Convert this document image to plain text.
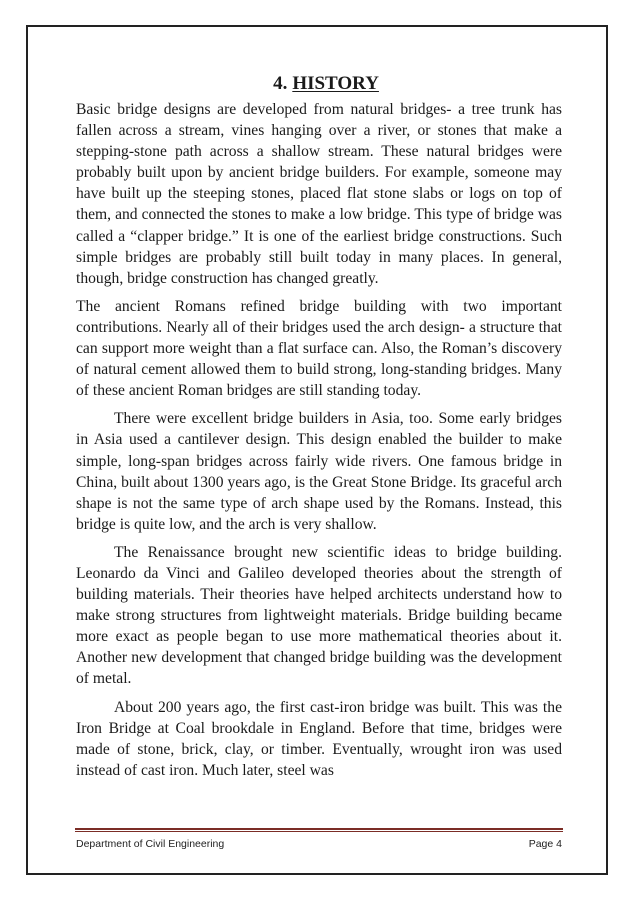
4. HISTORY

Basic bridge designs are developed from natural bridges- a tree trunk has fallen across a stream, vines hanging over a river, or stones that make a stepping-stone path across a shallow stream. These natural bridges were probably built upon by ancient bridge builders. For example, someone may have built up the steeping stones, placed flat stone slabs or logs on top of them, and connected the stones to make a low bridge. This type of bridge was called a “clapper bridge.” It is one of the earliest bridge constructions. Such simple bridges are probably still built today in many places. In general, though, bridge construction has changed greatly.

The ancient Romans refined bridge building with two important contributions. Nearly all of their bridges used the arch design- a structure that can support more weight than a flat surface can. Also, the Roman’s discovery of natural cement allowed them to build strong, long-standing bridges. Many of these ancient Roman bridges are still standing today.

There were excellent bridge builders in Asia, too. Some early bridges in Asia used a cantilever design. This design enabled the builder to make simple, long-span bridges across fairly wide rivers. One famous bridge in China, built about 1300 years ago, is the Great Stone Bridge. Its graceful arch shape is not the same type of arch shape used by the Romans. Instead, this bridge is quite low, and the arch is very shallow.

The Renaissance brought new scientific ideas to bridge building. Leonardo da Vinci and Galileo developed theories about the strength of building materials. Their theories have helped architects understand how to make strong structures from lightweight materials. Bridge building became more exact as people began to use more mathematical theories about it. Another new development that changed bridge building was the development of metal.

About 200 years ago, the first cast-iron bridge was built. This was the Iron Bridge at Coal brookdale in England. Before that time, bridges were made of stone, brick, clay, or timber. Eventually, wrought iron was used instead of cast iron. Much later, steel was

Department of Civil Engineering	Page 4
